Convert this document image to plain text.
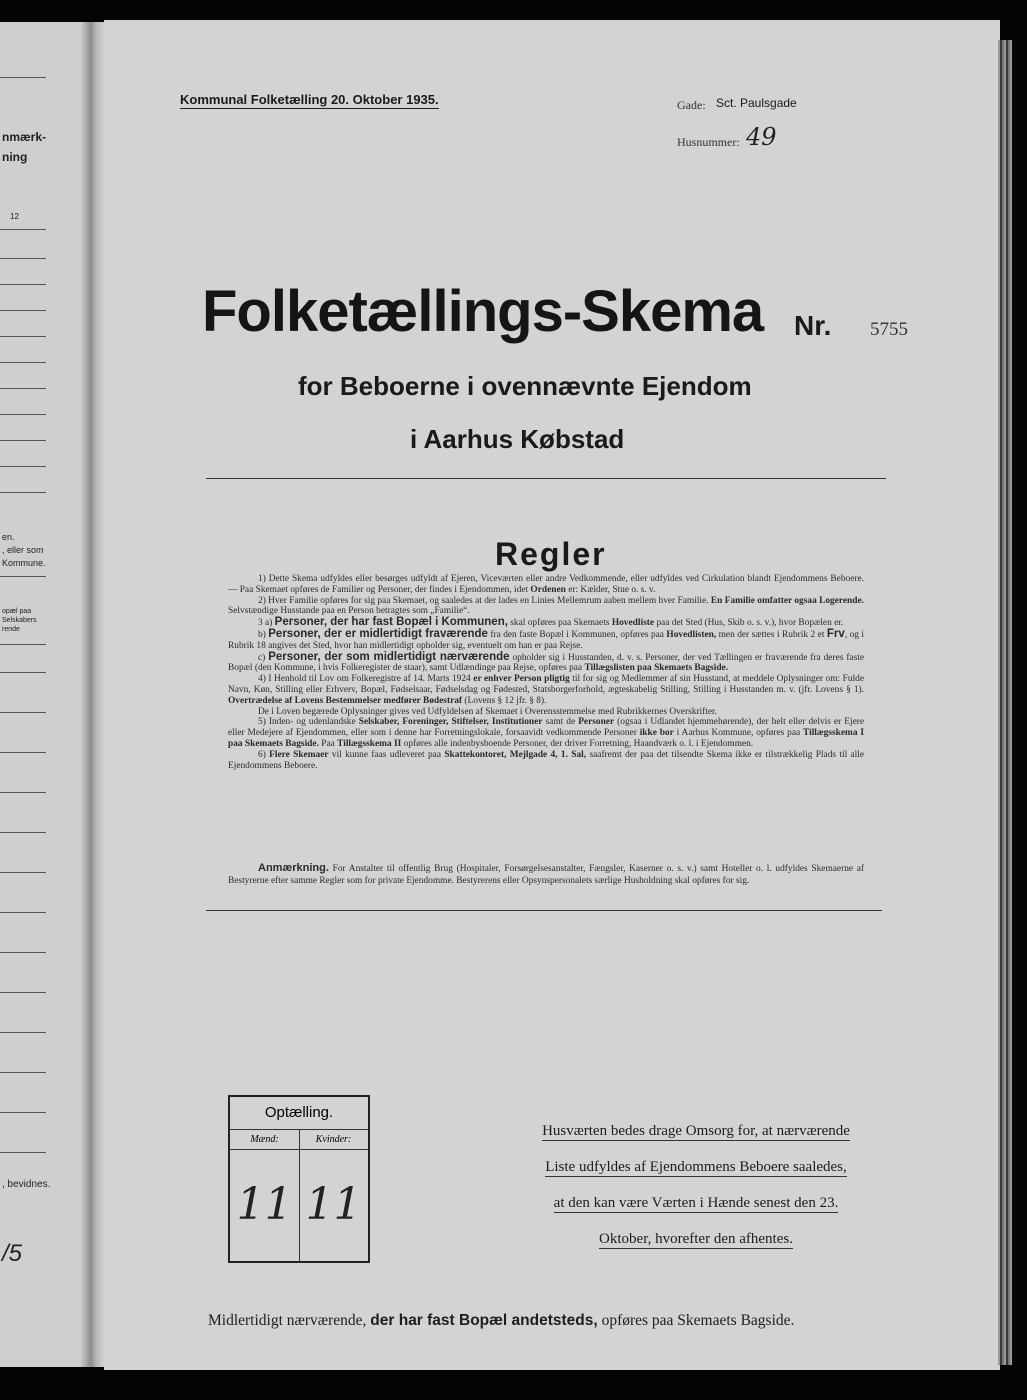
nmærk-
ning
12
en.
, eller som
Kommune.
opæl paa
Selskabers
rende
, bevidnes.
/5
Kommunal Folketælling 20. Oktober 1935.	Gade: Sct. Paulsgade
Husnummer: 49
Folketællings-Skema Nr. 5755
for Beboerne i ovennævnte Ejendom
i Aarhus Købstad
Regler

1) Dette Skema udfyldes eller besørges udfyldt af Ejeren, Viceværten eller andre Vedkommende, eller udfyldes ved Cirkulation blandt Ejendommens Beboere. — Paa Skemaet opføres de Familier og Personer, der findes i Ejendommen, idet Ordenen er: Kælder, Stue o. s. v.

2) Hver Familie opføres for sig paa Skemaet, og saaledes at der lades en Linies Mellemrum aaben mellem hver Familie. En Familie omfatter ogsaa Logerende. Selvstændige Husstande paa en Person betragtes som „Familie“.

3 a) Personer, der har fast Bopæl i Kommunen, skal opføres paa Skemaets Hovedliste paa det Sted (Hus, Skib o. s. v.), hvor Bopælen er.

b) Personer, der er midlertidigt fraværende fra den faste Bopæl i Kommunen, opføres paa Hovedlisten, men der sættes i Rubrik 2 et Frv, og i Rubrik 18 angives det Sted, hvor han midlertidigt opholder sig, eventuelt om han er paa Rejse.

c) Personer, der som midlertidigt nærværende opholder sig i Husstanden, d. v. s. Personer, der ved Tællingen er fraværende fra deres faste Bopæl (den Kommune, i hvis Folkeregister de staar), samt Udlændinge paa Rejse, opføres paa Tillægslisten paa Skemaets Bagside.

4) I Henhold til Lov om Folkeregistre af 14. Marts 1924 er enhver Person pligtig til for sig og Medlemmer af sin Husstand, at meddele Oplysninger om: Fulde Navn, Køn, Stilling eller Erhverv, Bopæl, Fødselsaar, Fødselsdag og Fødested, Statsborgerforhold, ægteskabelig Stilling, Stilling i Husstanden m. v. (jfr. Lovens § 1). Overtrædelse af Lovens Bestemmelser medfører Bødestraf (Lovens § 12 jfr. § 8).

De i Loven begærede Oplysninger gives ved Udfyldelsen af Skemaet i Overensstemmelse med Rubrikkernes Overskrifter.

5) Inden- og udenlandske Selskaber, Foreninger, Stiftelser, Institutioner samt de Personer (ogsaa i Udlandet hjemmehørende), der helt eller delvis er Ejere eller Medejere af Ejendommen, eller som i denne har Forretningslokale, forsaavidt vedkommende Personer ikke bor i Aarhus Kommune, opføres paa Tillægsskema I paa Skemaets Bagside. Paa Tillægsskema II opføres alle indenbysboende Personer, der driver Forretning, Haandværk o. l. i Ejendommen.

6) Flere Skemaer vil kunne faas udleveret paa Skattekontoret, Mejlgade 4, 1. Sal, saafremt der paa det tilsendte Skema ikke er tilstrækkelig Plads til alle Ejendommens Beboere.

Anmærkning. For Anstalter til offentlig Brug (Hospitaler, Forsørgelsesanstalter, Fængsler, Kaserner o. s. v.) samt Hoteller o. l. udfyldes Skemaerne af Bestyrerne efter samme Regler som for private Ejendomme. Bestyrerens eller Opsynspersonalets særlige Husholdning skal opføres for sig.
Optælling.
Mænd:
11
Kvinder:
11
Husværten bedes drage Omsorg for, at nærværende
Liste udfyldes af Ejendommens Beboere saaledes,
at den kan være Værten i Hænde senest den 23.
Oktober, hvorefter den afhentes.
Midlertidigt nærværende, der har fast Bopæl andetsteds, opføres paa Skemaets Bagside.
